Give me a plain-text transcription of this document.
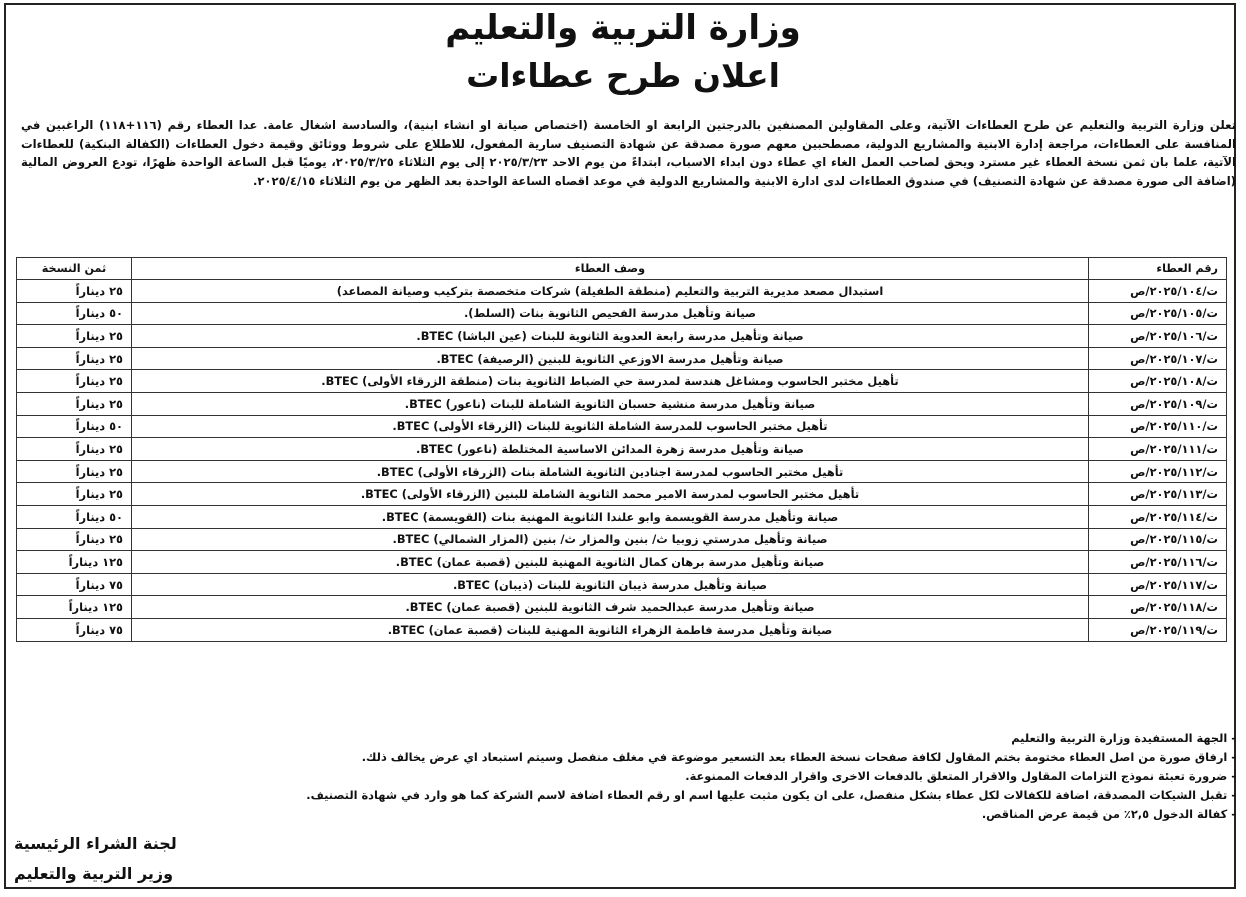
وزارة التربية والتعليم
اعلان طرح عطاءات

تعلن وزارة التربية والتعليم عن طرح العطاءات الآتية، وعلى المقاولين المصنفين بالدرجتين الرابعة او الخامسة (اختصاص صيانة او انشاء ابنية)، والسادسة اشغال عامة. عدا العطاء رقم (١١٦+١١٨) الراغبين في المنافسة على العطاءات، مراجعة إدارة الابنية والمشاريع الدولية، مصطحبين معهم صورة مصدقة عن شهادة التصنيف سارية المفعول، للاطلاع على شروط ووثائق وقيمة دخول العطاءات (الكفالة البنكية) للعطاءات الآتية، علما بان ثمن نسخة العطاء غير مسترد ويحق لصاحب العمل الغاء اي عطاء دون ابداء الاسباب، ابتداءً من يوم الاحد ٢٠٢٥/٣/٢٣ إلى يوم الثلاثاء ٢٠٢٥/٣/٢٥، يوميًا قبل الساعة الواحدة ظهرًا، تودع العروض المالية (اضافة الى صورة مصدقة عن شهادة التصنيف) في صندوق العطاءات لدى ادارة الابنية والمشاريع الدولية في موعد اقصاه الساعة الواحدة بعد الظهر من يوم الثلاثاء ٢٠٢٥/٤/١٥.

رقم العطاء	وصف العطاء	ثمن النسخة
ت/٢٠٢٥/١٠٤/ص	استبدال مصعد مديرية التربية والتعليم (منطقة الطفيلة) شركات متخصصة بتركيب وصيانة المصاعد)	٢٥ ديناراً
ت/٢٠٢٥/١٠٥/ص	صيانة وتأهيل مدرسة الفحيص الثانوية بنات (السلط).	٥٠ ديناراً
ت/٢٠٢٥/١٠٦/ص	صيانة وتأهيل مدرسة رابعة العدوية الثانوية للبنات (عين الباشا) BTEC.	٢٥ ديناراً
ت/٢٠٢٥/١٠٧/ص	صيانة وتأهيل مدرسة الاوزعي الثانوية للبنين (الرصيفة) BTEC.	٢٥ ديناراً
ت/٢٠٢٥/١٠٨/ص	تأهيل مختبر الحاسوب ومشاغل هندسة لمدرسة حي الضباط الثانوية بنات (منطقة الزرقاء الأولى) BTEC.	٢٥ ديناراً
ت/٢٠٢٥/١٠٩/ص	صيانة وتأهيل مدرسة منشية حسبان الثانوية الشاملة للبنات (ناعور) BTEC.	٢٥ ديناراً
ت/٢٠٢٥/١١٠/ص	تأهيل مختبر الحاسوب للمدرسة الشاملة الثانوية للبنات (الزرقاء الأولى) BTEC.	٥٠ ديناراً
ت/٢٠٢٥/١١١/ص	صيانة وتأهيل مدرسة زهرة المدائن الاساسية المختلطة (ناعور) BTEC.	٢٥ ديناراً
ت/٢٠٢٥/١١٢/ص	تأهيل مختبر الحاسوب لمدرسة اجنادين الثانوية الشاملة بنات (الزرقاء الأولى) BTEC.	٢٥ ديناراً
ت/٢٠٢٥/١١٣/ص	تأهيل مختبر الحاسوب لمدرسة الامير محمد الثانوية الشاملة للبنين (الزرقاء الأولى) BTEC.	٢٥ ديناراً
ت/٢٠٢٥/١١٤/ص	صيانة وتأهيل مدرسة القويسمة وابو علندا الثانوية المهنية بنات (القويسمة) BTEC.	٥٠ ديناراً
ت/٢٠٢٥/١١٥/ص	صيانة وتأهيل مدرستي زوبيا ث/ بنين والمزار ث/ بنين (المزار الشمالي) BTEC.	٢٥ ديناراً
ت/٢٠٢٥/١١٦/ص	صيانة وتأهيل مدرسة برهان كمال الثانوية المهنية للبنين (قصبة عمان) BTEC.	١٢٥ ديناراً
ت/٢٠٢٥/١١٧/ص	صيانة وتأهيل مدرسة ذيبان الثانوية للبنات (ذيبان) BTEC.	٧٥ ديناراً
ت/٢٠٢٥/١١٨/ص	صيانة وتأهيل مدرسة عبدالحميد شرف الثانوية للبنين (قصبة عمان) BTEC.	١٢٥ ديناراً
ت/٢٠٢٥/١١٩/ص	صيانة وتأهيل مدرسة فاطمة الزهراء الثانوية المهنية للبنات (قصبة عمان) BTEC.	٧٥ ديناراً
- الجهة المستفيدة وزارة التربية والتعليم
- ارفاق صورة من اصل العطاء مختومة بختم المقاول لكافة صفحات نسخة العطاء بعد التسعير موضوعة في مغلف منفصل وسيتم استبعاد اي عرض يخالف ذلك.
- ضرورة تعبئة نموذج التزامات المقاول والاقرار المتعلق بالدفعات الاخرى واقرار الدفعات الممنوعة.
- تقبل الشيكات المصدقة، اضافة للكفالات لكل عطاء بشكل منفصل، على ان يكون مثبت عليها اسم او رقم العطاء اضافة لاسم الشركة كما هو وارد في شهادة التصنيف.
- كفالة الدخول ٢,٥٪ من قيمة عرض المناقص.

لجنة الشراء الرئيسية

وزير التربية والتعليم
